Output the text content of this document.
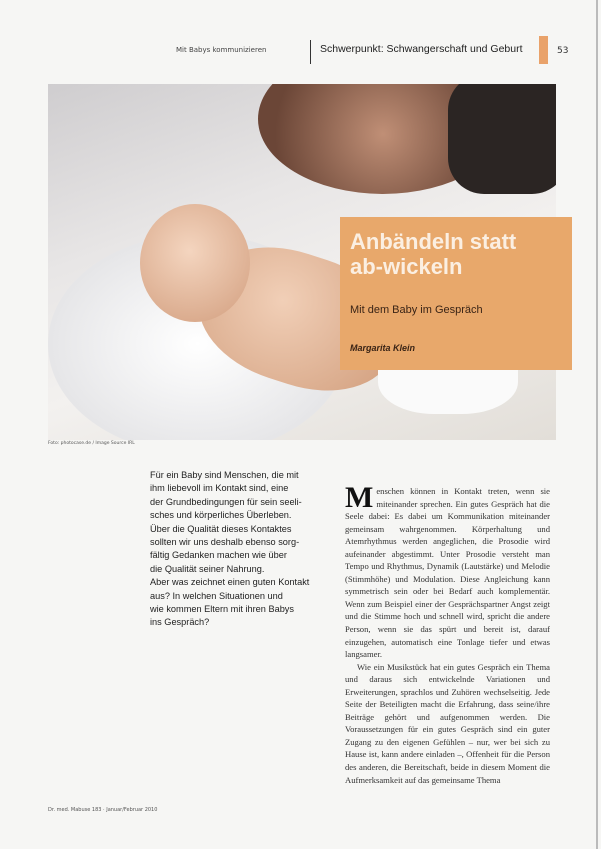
Mit Babys kommunizieren	Schwerpunkt: Schwangerschaft und Geburt	53
Foto: photocase.de / Image Source IRL
Anbändeln statt
ab-wickeln
Mit dem Baby im Gespräch
Margarita Klein
Für ein Baby sind Menschen, die mit
ihm liebevoll im Kontakt sind, eine
der Grundbedingungen für sein seeli-
sches und körperliches Überleben.
Über die Qualität dieses Kontaktes
sollten wir uns deshalb ebenso sorg-
fältig Gedanken machen wie über
die Qualität seiner Nahrung.
Aber was zeichnet einen guten Kontakt
aus? In welchen Situationen und
wie kommen Eltern mit ihren Babys
ins Gespräch?

Menschen können in Kontakt treten, wenn sie miteinander sprechen. Ein gutes Gespräch hat die Seele dabei: Es dabei um Kommunikation miteinander gemeinsam wahrgenommen. Körperhaltung und Atemrhythmus werden angeglichen, die Prosodie wird aufeinander abgestimmt. Unter Prosodie versteht man Tempo und Rhythmus, Dynamik (Lautstärke) und Melodie (Stimmhöhe) und Modulation. Diese Angleichung kann symmetrisch sein oder bei Bedarf auch komplementär. Wenn zum Beispiel einer der Gesprächspartner Angst zeigt und die Stimme hoch und schnell wird, spricht die andere Person, wenn sie das spürt und bereit ist, darauf einzugehen, automatisch eine Tonlage tiefer und etwas langsamer.

Wie ein Musikstück hat ein gutes Gespräch ein Thema und daraus sich entwickelnde Variationen und Erweiterungen, sprachlos und Zuhören wechselseitig. Jede Seite der Beteiligten macht die Erfahrung, dass seine/ihre Beiträge gehört und aufgenommen werden. Die Voraussetzungen für ein gutes Gespräch sind ein guter Zugang zu den eigenen Gefühlen – nur, wer bei sich zu Hause ist, kann andere einladen –, Offenheit für die Person des anderen, die Bereitschaft, beide in diesem Moment die Aufmerksamkeit auf das gemeinsame Thema

Dr. med. Mabuse 183 · Januar/Februar 2010
